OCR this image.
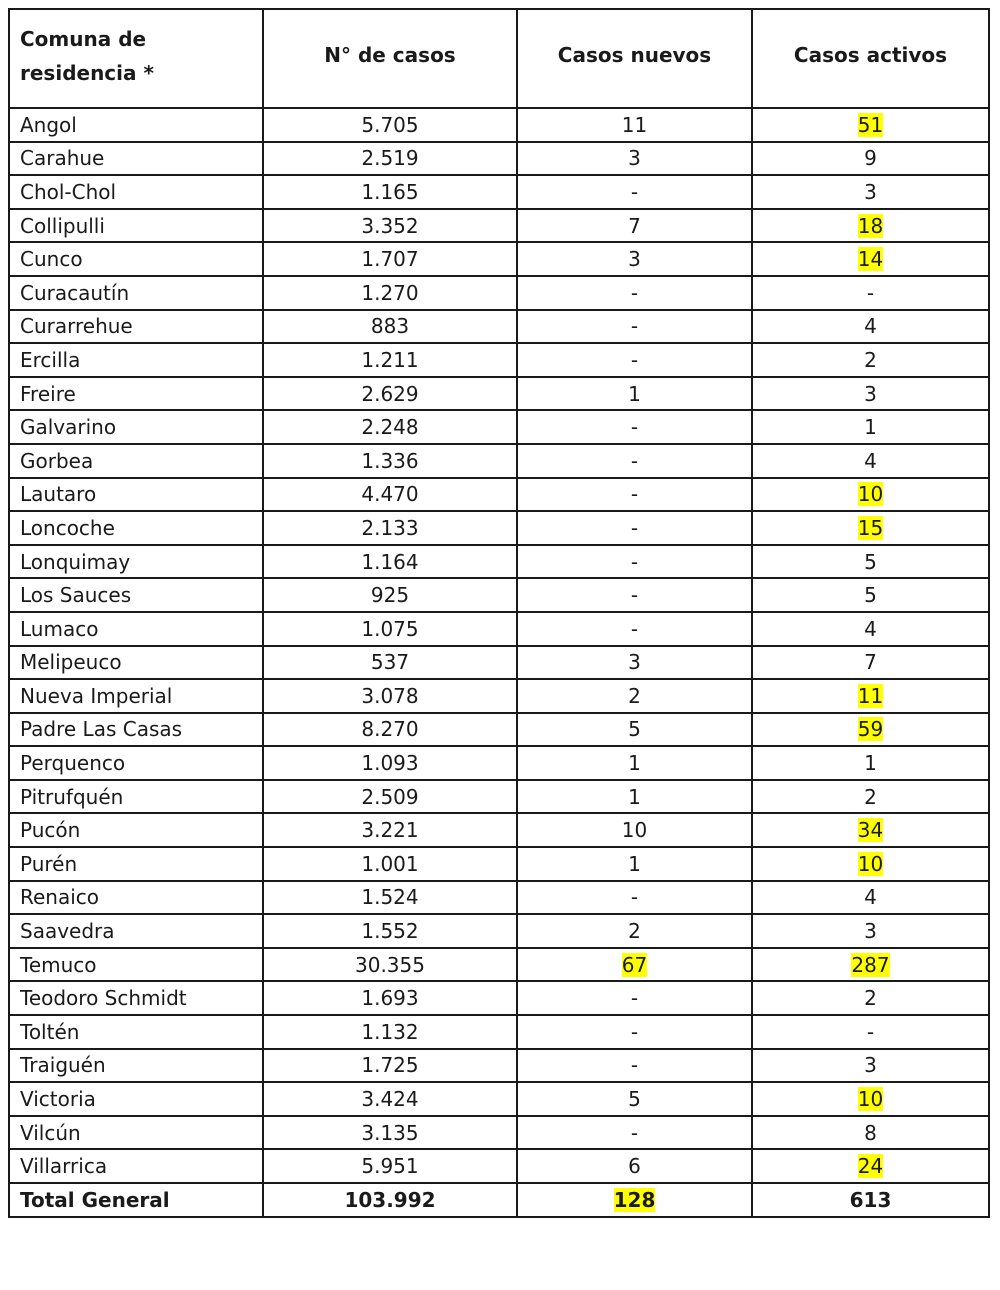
Comuna de residencia *	N° de casos	Casos nuevos	Casos activos
Angol	5.705	11	51
Carahue	2.519	3	9
Chol-Chol	1.165	-	3
Collipulli	3.352	7	18
Cunco	1.707	3	14
Curacautín	1.270	-	-
Curarrehue	883	-	4
Ercilla	1.211	-	2
Freire	2.629	1	3
Galvarino	2.248	-	1
Gorbea	1.336	-	4
Lautaro	4.470	-	10
Loncoche	2.133	-	15
Lonquimay	1.164	-	5
Los Sauces	925	-	5
Lumaco	1.075	-	4
Melipeuco	537	3	7
Nueva Imperial	3.078	2	11
Padre Las Casas	8.270	5	59
Perquenco	1.093	1	1
Pitrufquén	2.509	1	2
Pucón	3.221	10	34
Purén	1.001	1	10
Renaico	1.524	-	4
Saavedra	1.552	2	3
Temuco	30.355	67	287
Teodoro Schmidt	1.693	-	2
Toltén	1.132	-	-
Traiguén	1.725	-	3
Victoria	3.424	5	10
Vilcún	3.135	-	8
Villarrica	5.951	6	24
Total General	103.992	128	613
